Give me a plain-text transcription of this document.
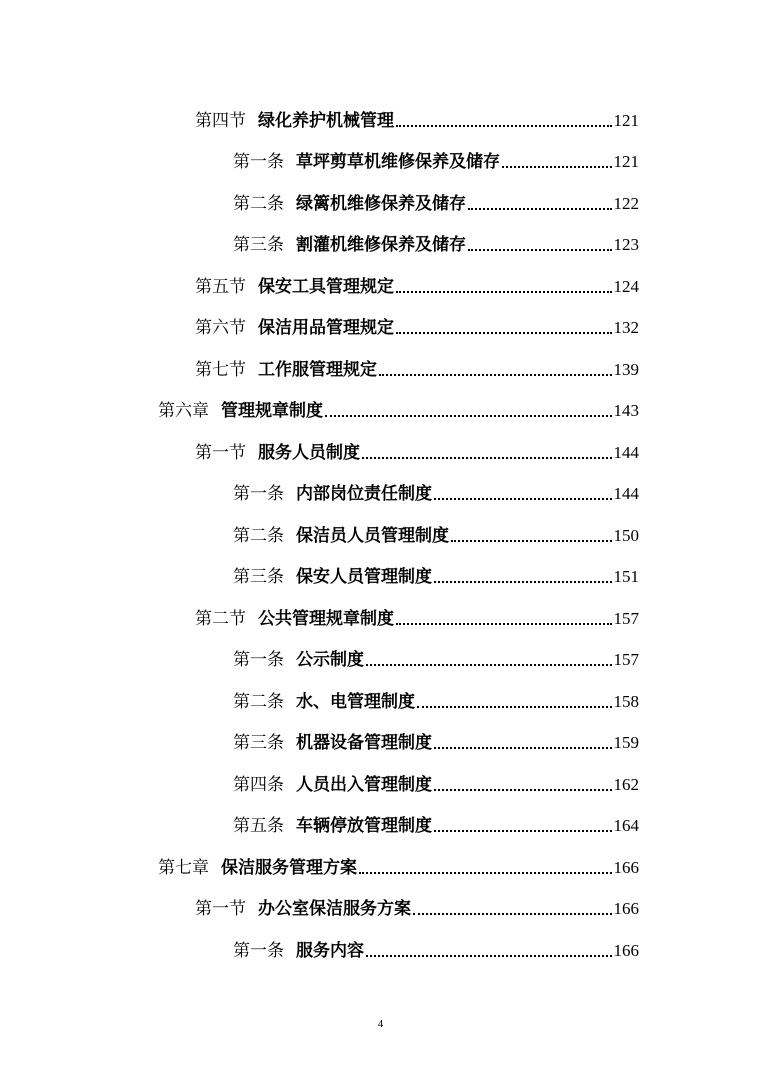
第四节 绿化养护机械管理	121
第一条 草坪剪草机维修保养及储存	121
第二条 绿篱机维修保养及储存	122
第三条 割灌机维修保养及储存	123
第五节 保安工具管理规定	124
第六节 保洁用品管理规定	132
第七节 工作服管理规定	139
第六章 管理规章制度	143
第一节 服务人员制度	144
第一条 内部岗位责任制度	144
第二条 保洁员人员管理制度	150
第三条 保安人员管理制度	151
第二节 公共管理规章制度	157
第一条 公示制度	157
第二条 水、电管理制度	158
第三条 机器设备管理制度	159
第四条 人员出入管理制度	162
第五条 车辆停放管理制度	164
第七章 保洁服务管理方案	166
第一节 办公室保洁服务方案	166
第一条 服务内容	166
4
